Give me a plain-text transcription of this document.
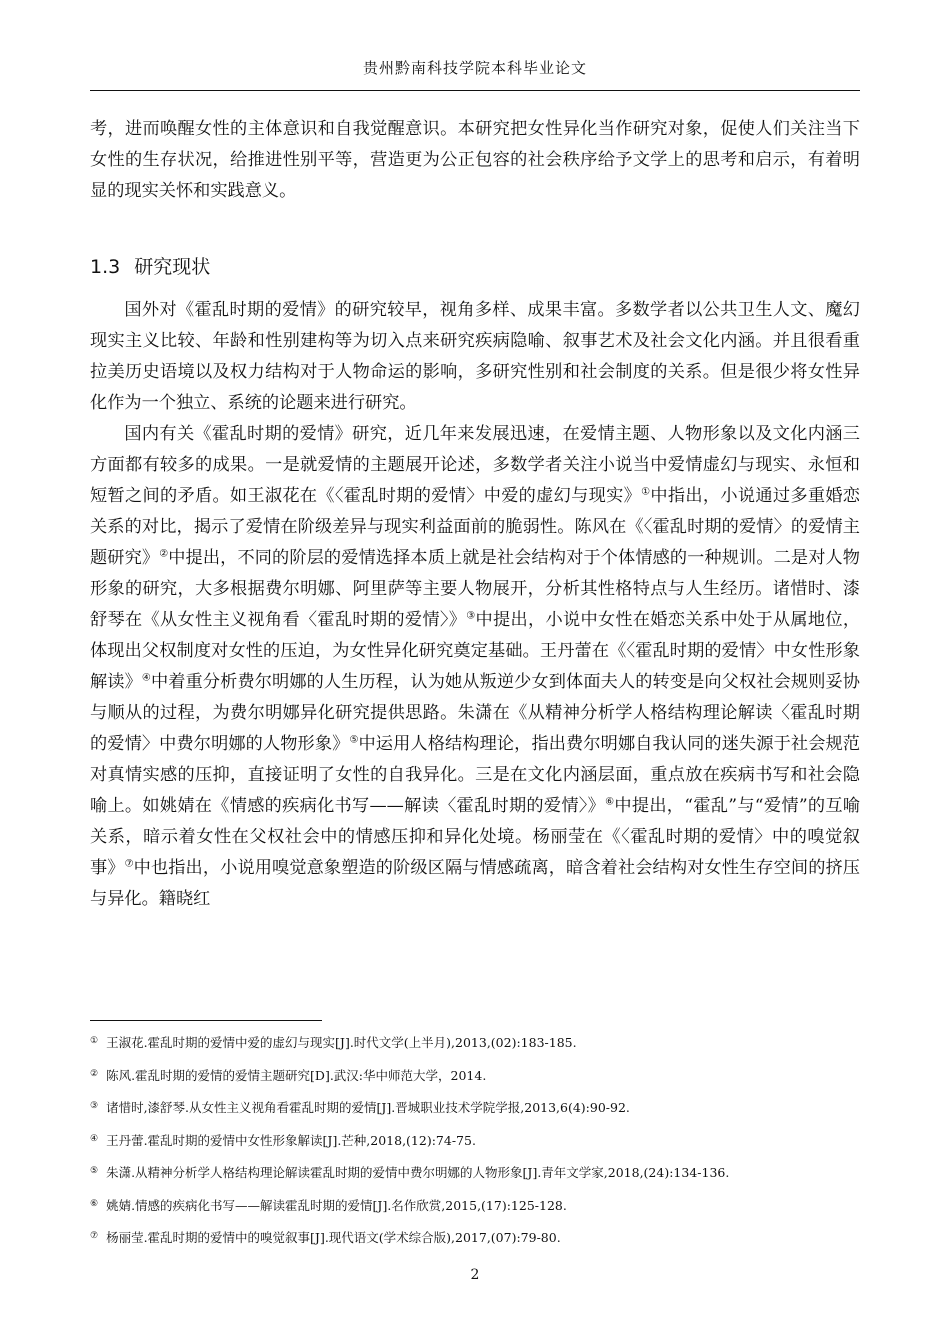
贵州黔南科技学院本科毕业论文

考，进而唤醒女性的主体意识和自我觉醒意识。本研究把女性异化当作研究对象，促使人们关注当下女性的生存状况，给推进性别平等，营造更为公正包容的社会秩序给予文学上的思考和启示，有着明显的现实关怀和实践意义。

1.3 研究现状

国外对《霍乱时期的爱情》的研究较早，视角多样、成果丰富。多数学者以公共卫生人文、魔幻现实主义比较、年龄和性别建构等为切入点来研究疾病隐喻、叙事艺术及社会文化内涵。并且很看重拉美历史语境以及权力结构对于人物命运的影响，多研究性别和社会制度的关系。但是很少将女性异化作为一个独立、系统的论题来进行研究。

国内有关《霍乱时期的爱情》研究，近几年来发展迅速，在爱情主题、人物形象以及文化内涵三方面都有较多的成果。一是就爱情的主题展开论述，多数学者关注小说当中爱情虚幻与现实、永恒和短暂之间的矛盾。如王淑花在《〈霍乱时期的爱情〉中爱的虚幻与现实》①中指出，小说通过多重婚恋关系的对比，揭示了爱情在阶级差异与现实利益面前的脆弱性。陈风在《〈霍乱时期的爱情〉的爱情主题研究》②中提出，不同的阶层的爱情选择本质上就是社会结构对于个体情感的一种规训。二是对人物形象的研究，大多根据费尔明娜、阿里萨等主要人物展开，分析其性格特点与人生经历。诸惜时、漆舒琴在《从女性主义视角看〈霍乱时期的爱情〉》③中提出，小说中女性在婚恋关系中处于从属地位，体现出父权制度对女性的压迫，为女性异化研究奠定基础。王丹蕾在《〈霍乱时期的爱情〉中女性形象解读》④中着重分析费尔明娜的人生历程，认为她从叛逆少女到体面夫人的转变是向父权社会规则妥协与顺从的过程，为费尔明娜异化研究提供思路。朱潇在《从精神分析学人格结构理论解读〈霍乱时期的爱情〉中费尔明娜的人物形象》⑤中运用人格结构理论，指出费尔明娜自我认同的迷失源于社会规范对真情实感的压抑，直接证明了女性的自我异化。三是在文化内涵层面，重点放在疾病书写和社会隐喻上。如姚婧在《情感的疾病化书写——解读〈霍乱时期的爱情〉》⑥中提出，“霍乱”与“爱情”的互喻关系，暗示着女性在父权社会中的情感压抑和异化处境。杨丽莹在《〈霍乱时期的爱情〉中的嗅觉叙事》⑦中也指出，小说用嗅觉意象塑造的阶级区隔与情感疏离，暗含着社会结构对女性生存空间的挤压与异化。籍晓红

① 王淑花.霍乱时期的爱情中爱的虚幻与现实[J].时代文学(上半月),2013,(02):183-185.
② 陈风.霍乱时期的爱情的爱情主题研究[D].武汉:华中师范大学，2014.
③ 诸惜时,漆舒琴.从女性主义视角看霍乱时期的爱情[J].晋城职业技术学院学报,2013,6(4):90-92.
④ 王丹蕾.霍乱时期的爱情中女性形象解读[J].芒种,2018,(12):74-75.
⑤ 朱潇.从精神分析学人格结构理论解读霍乱时期的爱情中费尔明娜的人物形象[J].青年文学家,2018,(24):134-136.
⑥ 姚婧.情感的疾病化书写——解读霍乱时期的爱情[J].名作欣赏,2015,(17):125-128.
⑦ 杨丽莹.霍乱时期的爱情中的嗅觉叙事[J].现代语文(学术综合版),2017,(07):79-80.
2
